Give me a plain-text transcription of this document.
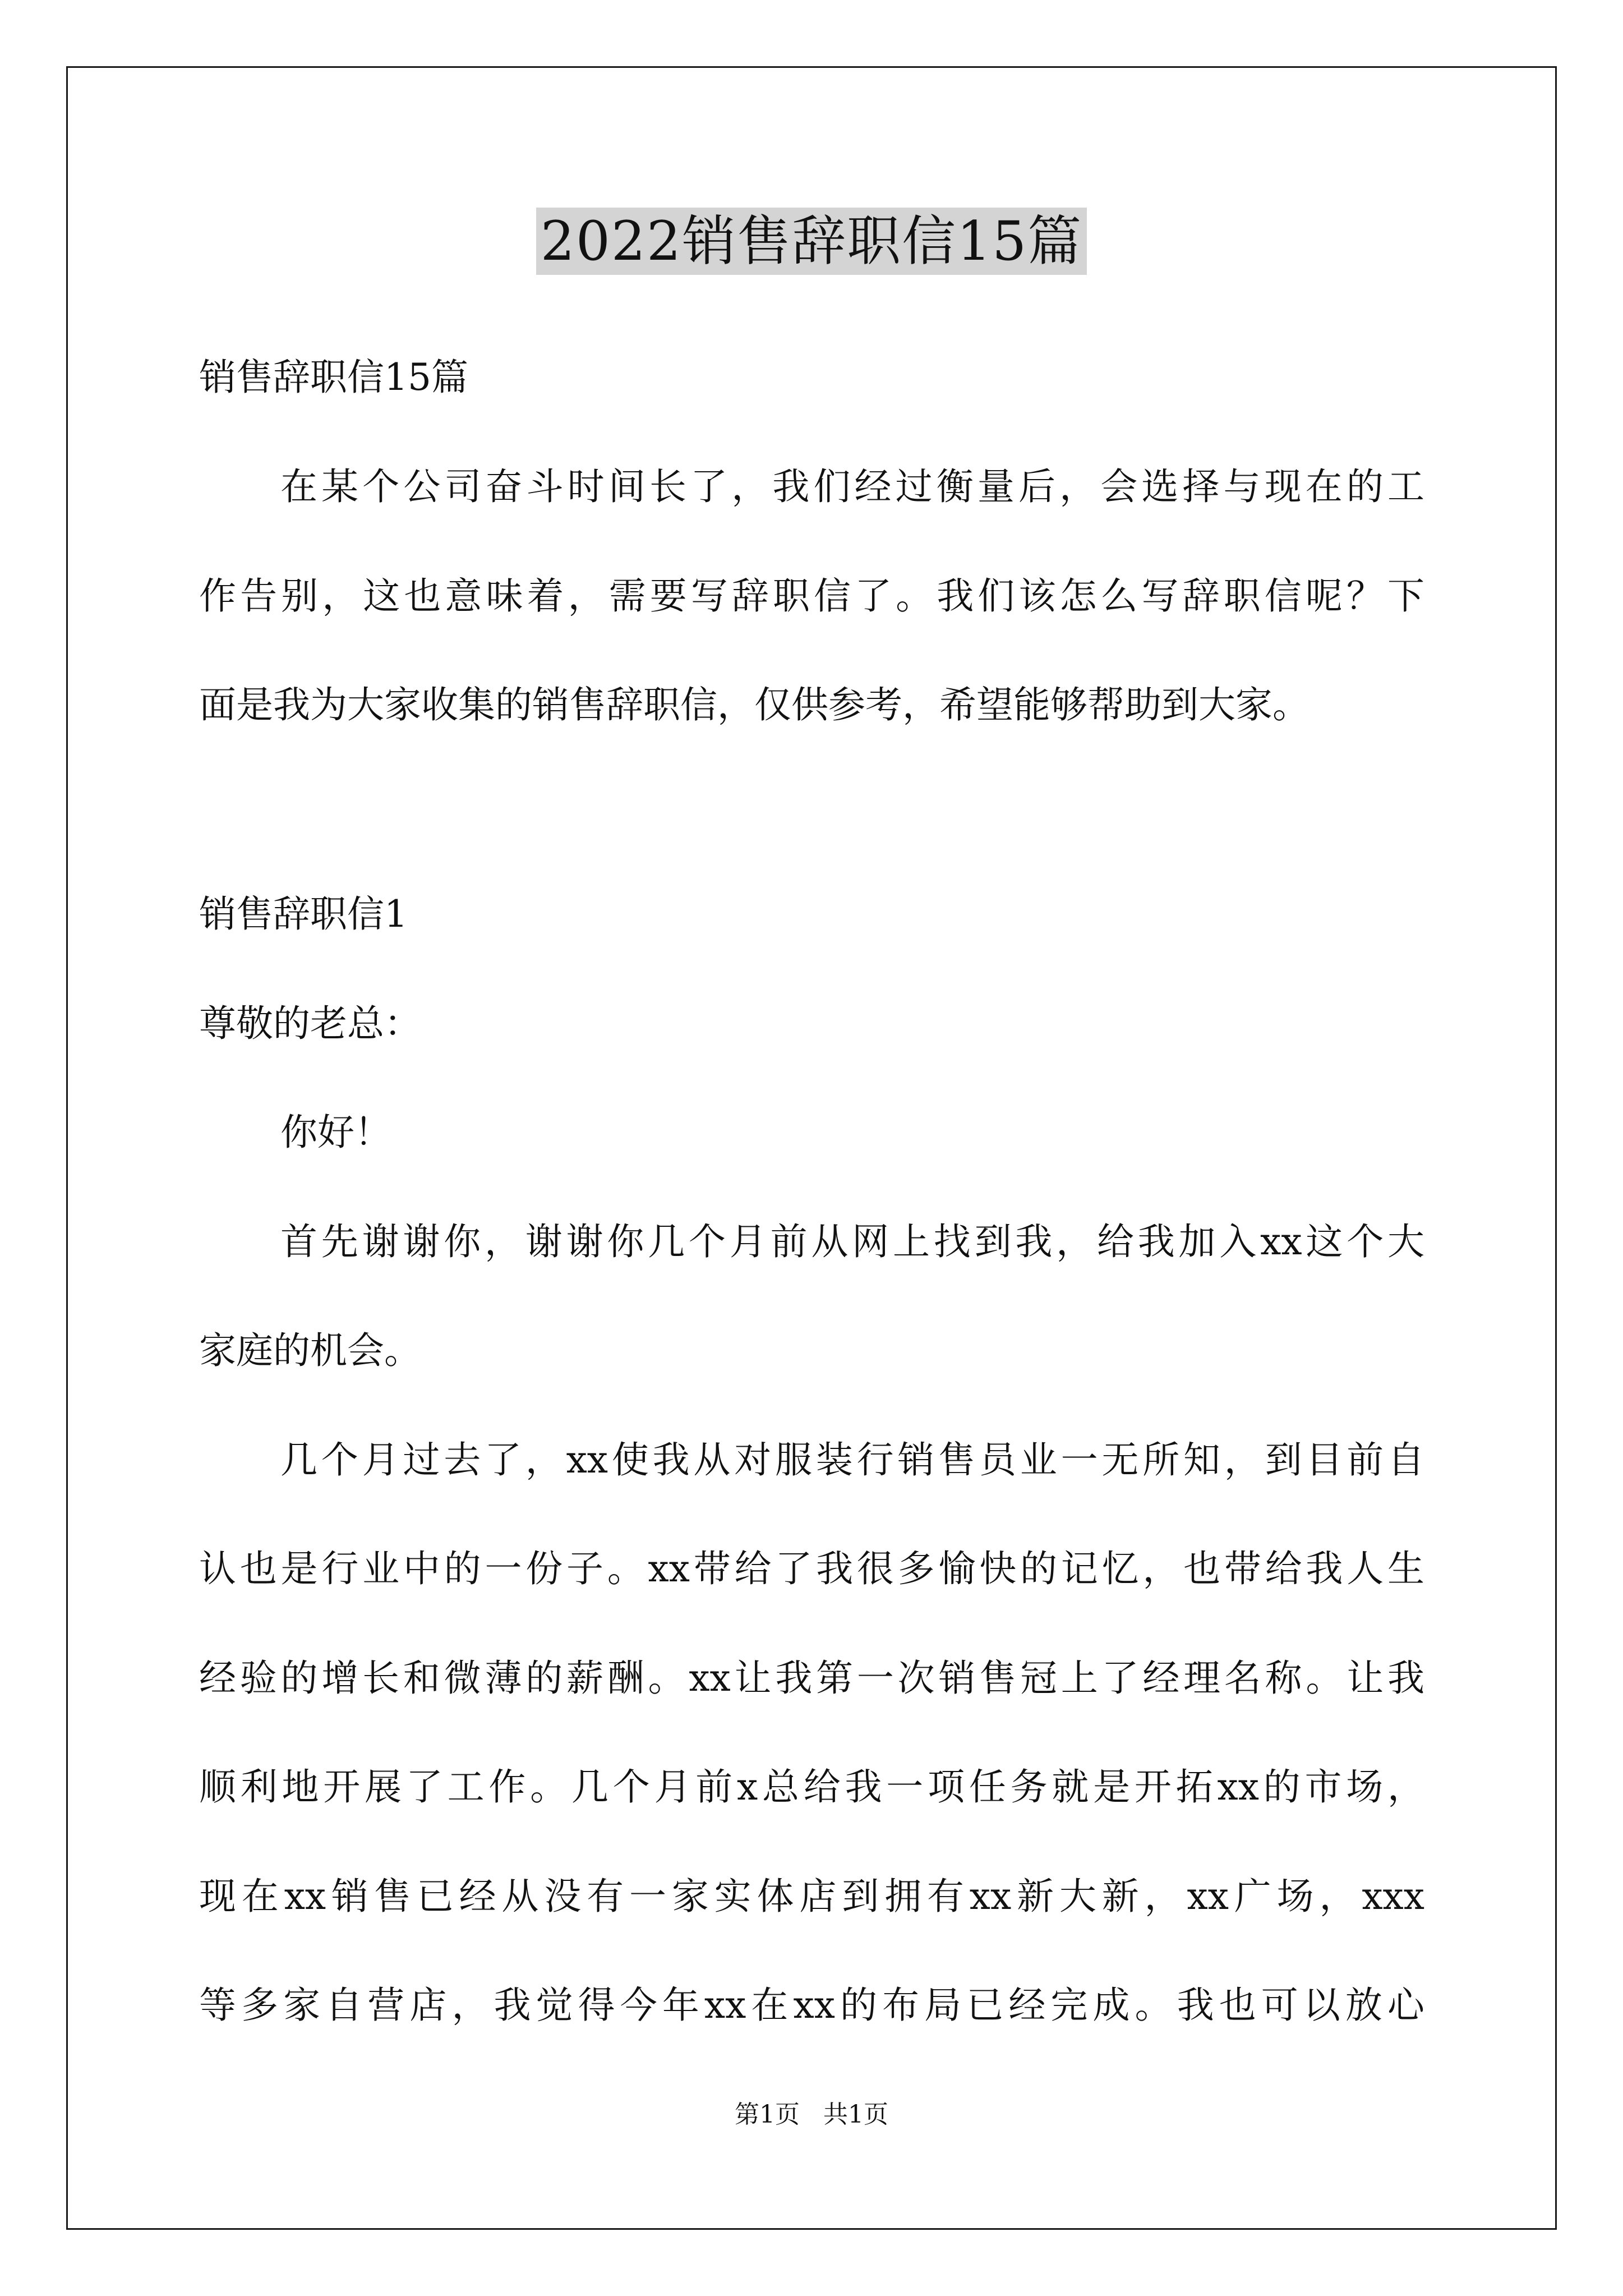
2022销售辞职信15篇
销售辞职信15篇
在某个公司奋斗时间长了，我们经过衡量后，会选择与现在的工
作告别，这也意味着，需要写辞职信了。我们该怎么写辞职信呢？下
面是我为大家收集的销售辞职信，仅供参考，希望能够帮助到大家。
销售辞职信1
尊敬的老总：
你好！
首先谢谢你，谢谢你几个月前从网上找到我，给我加入xx这个大
家庭的机会。
几个月过去了，xx使我从对服装行销售员业一无所知，到目前自
认也是行业中的一份子。xx带给了我很多愉快的记忆，也带给我人生
经验的增长和微薄的薪酬。xx让我第一次销售冠上了经理名称。让我
顺利地开展了工作。几个月前x总给我一项任务就是开拓xx的市场，
现在xx销售已经从没有一家实体店到拥有xx新大新，xx广场，xxx
等多家自营店，我觉得今年xx在xx的布局已经完成。我也可以放心
第1页   共1页
